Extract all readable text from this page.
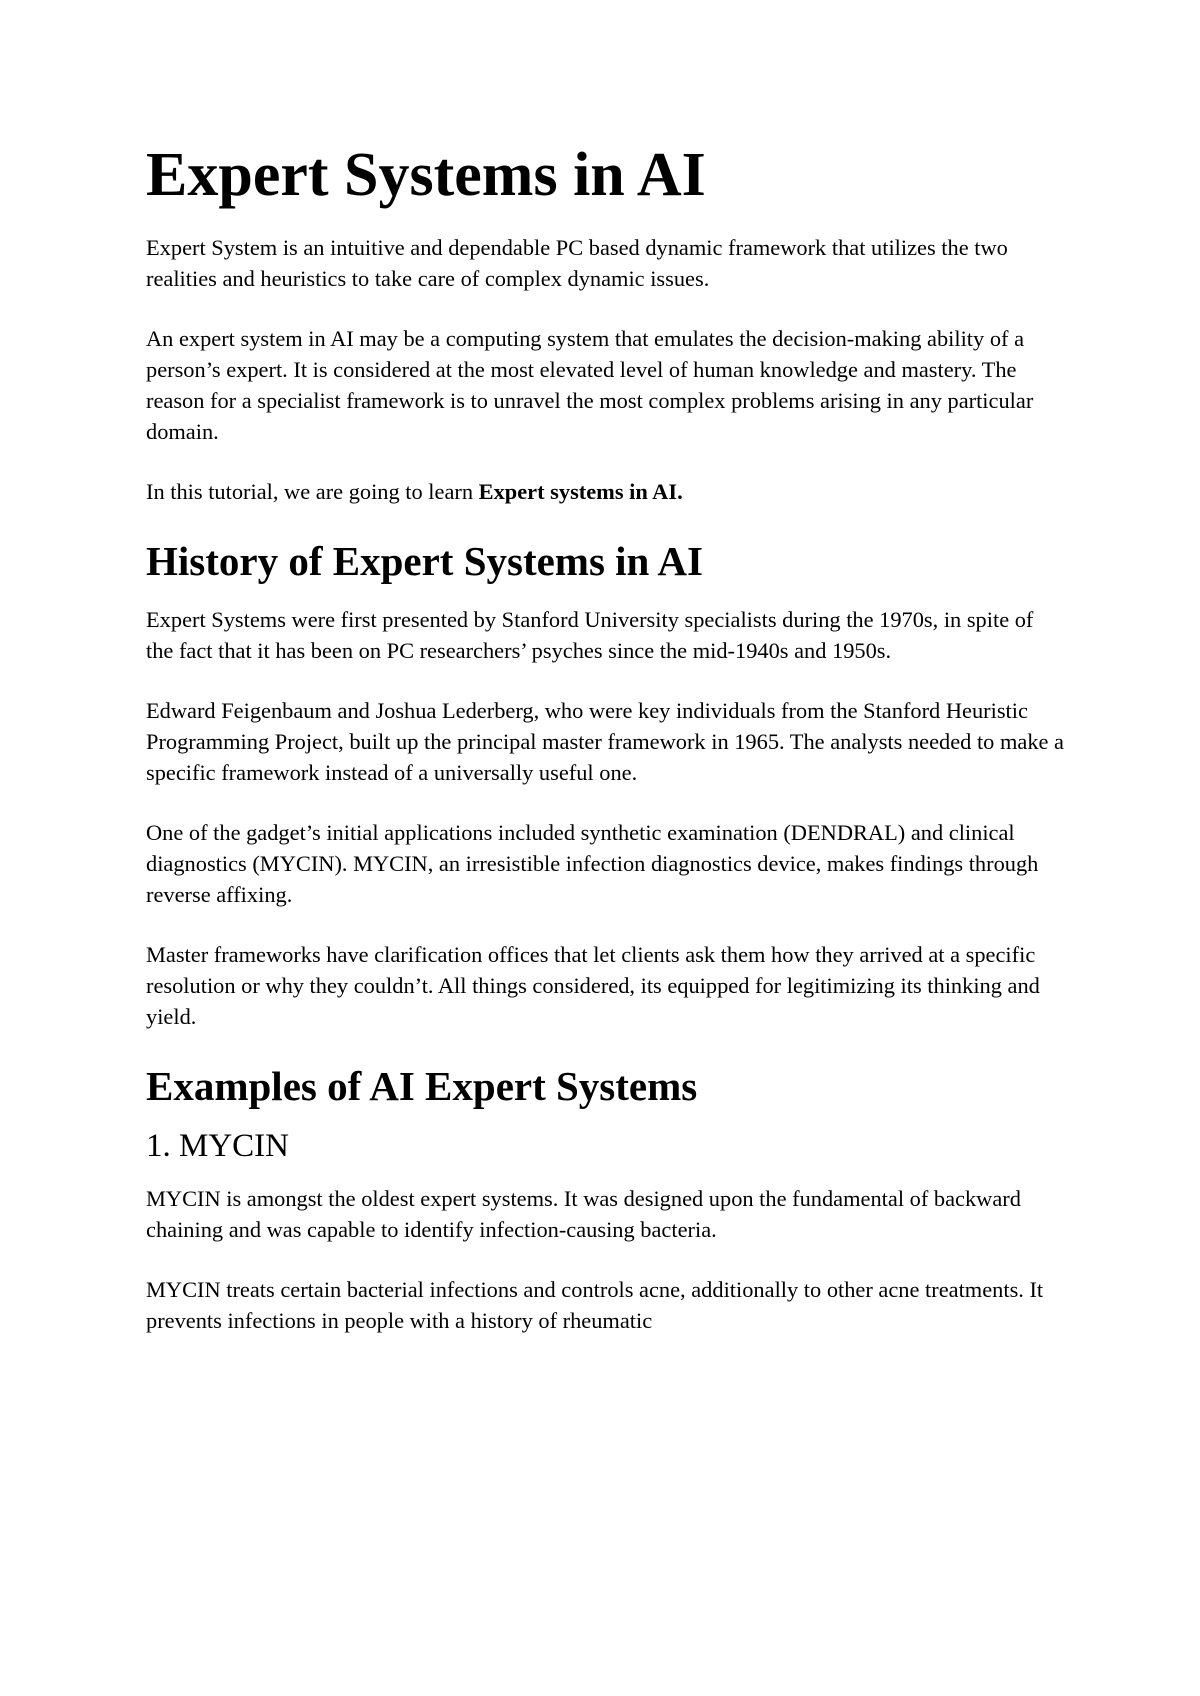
Expert Systems in AI

Expert System is an intuitive and dependable PC based dynamic framework that utilizes the two realities and heuristics to take care of complex dynamic issues.

An expert system in AI may be a computing system that emulates the decision-making ability of a person’s expert. It is considered at the most elevated level of human knowledge and mastery. The reason for a specialist framework is to unravel the most complex problems arising in any particular domain.

In this tutorial, we are going to learn Expert systems in AI.

History of Expert Systems in AI

Expert Systems were first presented by Stanford University specialists during the 1970s, in spite of the fact that it has been on PC researchers’ psyches since the mid-1940s and 1950s.

Edward Feigenbaum and Joshua Lederberg, who were key individuals from the Stanford Heuristic Programming Project, built up the principal master framework in 1965. The analysts needed to make a specific framework instead of a universally useful one.

One of the gadget’s initial applications included synthetic examination (DENDRAL) and clinical diagnostics (MYCIN). MYCIN, an irresistible infection diagnostics device, makes findings through reverse affixing.

Master frameworks have clarification offices that let clients ask them how they arrived at a specific resolution or why they couldn’t. All things considered, its equipped for legitimizing its thinking and yield.

Examples of AI Expert Systems
1. MYCIN

MYCIN is amongst the oldest expert systems. It was designed upon the fundamental of backward chaining and was capable to identify infection-causing bacteria.

MYCIN treats certain bacterial infections and controls acne, additionally to other acne treatments. It prevents infections in people with a history of rheumatic
